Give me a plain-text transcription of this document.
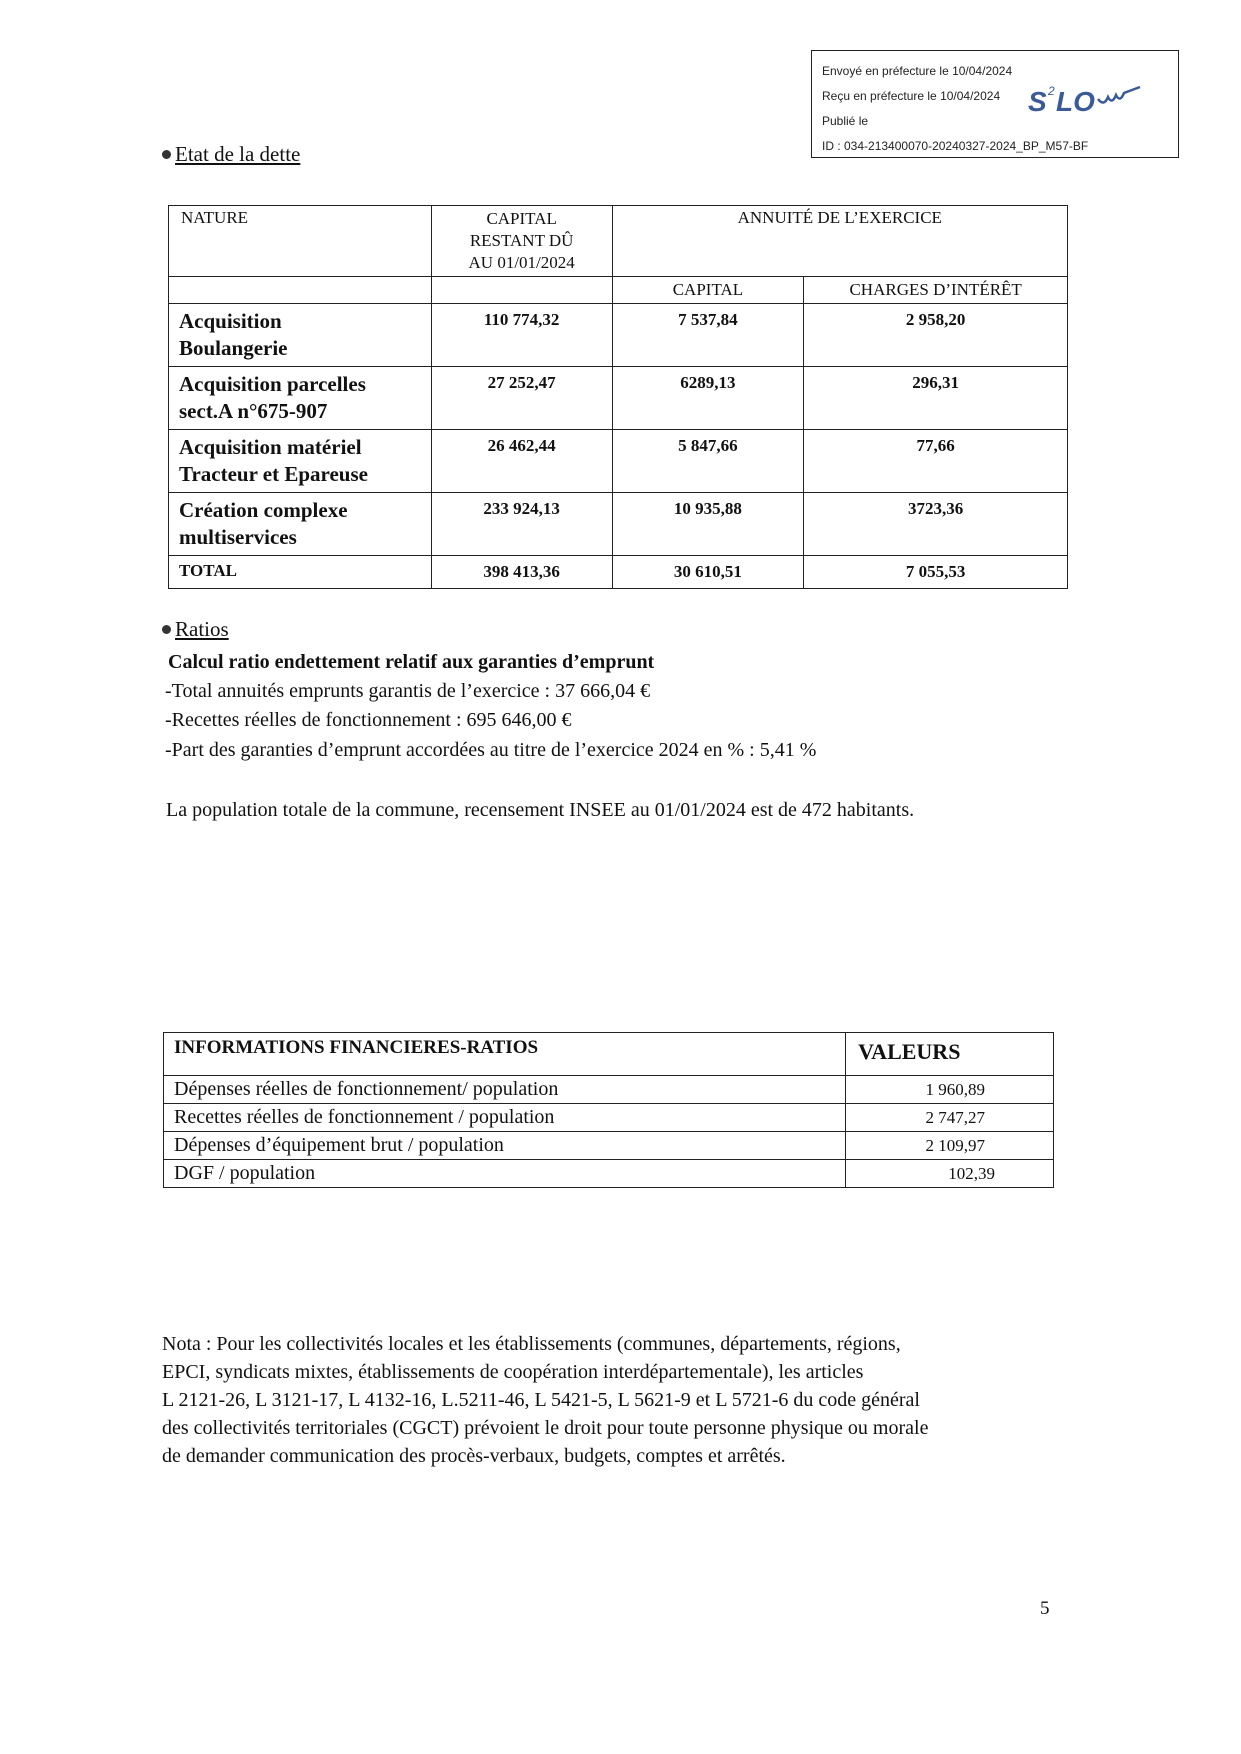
Envoyé en préfecture le 10/04/2024
Reçu en préfecture le 10/04/2024
Publié le
ID : 034-213400070-20240327-2024_BP_M57-BF
S 2 LO
Etat de la dette
NATURE	CAPITAL
RESTANT DÛ
AU 01/01/2024	ANNUITÉ DE L’EXERCICE	
		CAPITAL	CHARGES D’INTÉRÊT

Acquisition
Boulangerie	110 774,32	7 537,84	2 958,20

Acquisition parcelles
sect.A n°675-907	27 252,47	6289,13	296,31

Acquisition matériel
Tracteur et Epareuse	26 462,44	5 847,66	77,66

Création complexe
multiservices	233 924,13	10 935,88	3723,36
TOTAL	398 413,36	30 610,51	7 055,53
Ratios
Calcul ratio endettement relatif aux garanties d’emprunt
-Total annuités emprunts garantis de l’exercice : 37 666,04 €
-Recettes réelles de fonctionnement : 695 646,00 €
-Part des garanties d’emprunt accordées au titre de l’exercice 2024 en % : 5,41 %
La population totale de la commune, recensement INSEE au 01/01/2024 est de 472 habitants.
INFORMATIONS FINANCIERES-RATIOS	VALEURS
Dépenses réelles de fonctionnement/ population	1 960,89
Recettes réelles de fonctionnement / population	2 747,27
Dépenses d’équipement brut / population	2 109,97
DGF / population	102,39
Nota : Pour les collectivités locales et les établissements (communes, départements, régions,
EPCI, syndicats mixtes, établissements de coopération interdépartementale), les articles
L 2121-26, L 3121-17, L 4132-16, L.5211-46, L 5421-5, L 5621-9 et L 5721-6 du code général
des collectivités territoriales (CGCT) prévoient le droit pour toute personne physique ou morale
de demander communication des procès-verbaux, budgets, comptes et arrêtés.
5
